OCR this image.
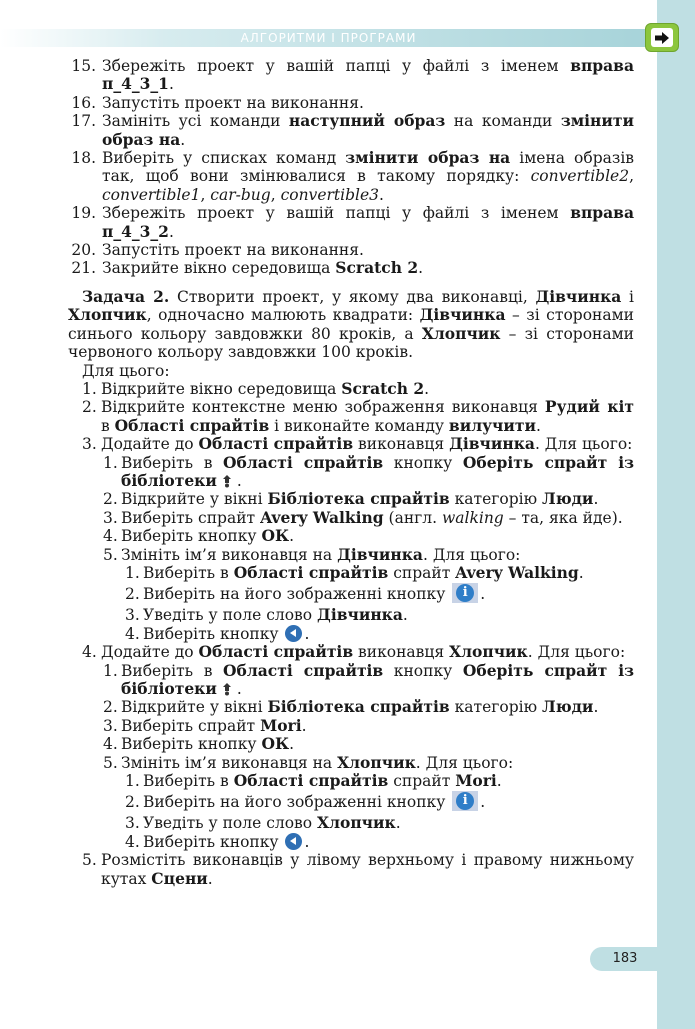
АЛГОРИТМИ І ПРОГРАМИ
15. Збережіть проект у вашій папці у файлі з іменем вправа п_4_3_1.
16. Запустіть проект на виконання.
17. Замініть усі команди наступний образ на команди змінити образ на.
18. Виберіть у списках команд змінити образ на імена образів так, щоб вони змінювалися в такому порядку: convertible2, convertible1, car-bug, convertible3.
19. Збережіть проект у вашій папці у файлі з іменем вправа п_4_3_2.
20. Запустіть проект на виконання.
21. Закрийте вікно середовища Scratch 2.
Задача 2. Створити проект, у якому два виконавці, Дівчинка і Хлопчик, одночасно малюють квадрати: Дівчинка – зі сторонами синього кольору завдовжки 80 кроків, а Хлопчик – зі сторонами червоного кольору завдовжки 100 кроків.
Для цього:
1. Відкрийте вікно середовища Scratch 2.
2. Відкрийте контекстне меню зображення виконавця Рудий кіт в Області спрайтів і виконайте команду вилучити.
3. Додайте до Області спрайтів виконавця Дівчинка. Для цього:
1. Виберіть в Області спрайтів кнопку Оберіть спрайт із бібліотеки .
2. Відкрийте у вікні Бібліотека спрайтів категорію Люди.
3. Виберіть спрайт Avery Walking (англ. walking – та, яка йде).
4. Виберіть кнопку ОК.
5. Змініть ім’я виконавця на Дівчинка. Для цього:
1. Виберіть в Області спрайтів спрайт Avery Walking.
2. Виберіть на його зображенні кнопку i .
3. Уведіть у поле слово Дівчинка.
4. Виберіть кнопку .
4. Додайте до Області спрайтів виконавця Хлопчик. Для цього:
1. Виберіть в Області спрайтів кнопку Оберіть спрайт із бібліотеки .
2. Відкрийте у вікні Бібліотека спрайтів категорію Люди.
3. Виберіть спрайт Mori.
4. Виберіть кнопку ОК.
5. Змініть ім’я виконавця на Хлопчик. Для цього:
1. Виберіть в Області спрайтів спрайт Mori.
2. Виберіть на його зображенні кнопку i .
3. Уведіть у поле слово Хлопчик.
4. Виберіть кнопку .
5. Розмістіть виконавців у лівому верхньому і правому нижньому кутах Сцени.
183
